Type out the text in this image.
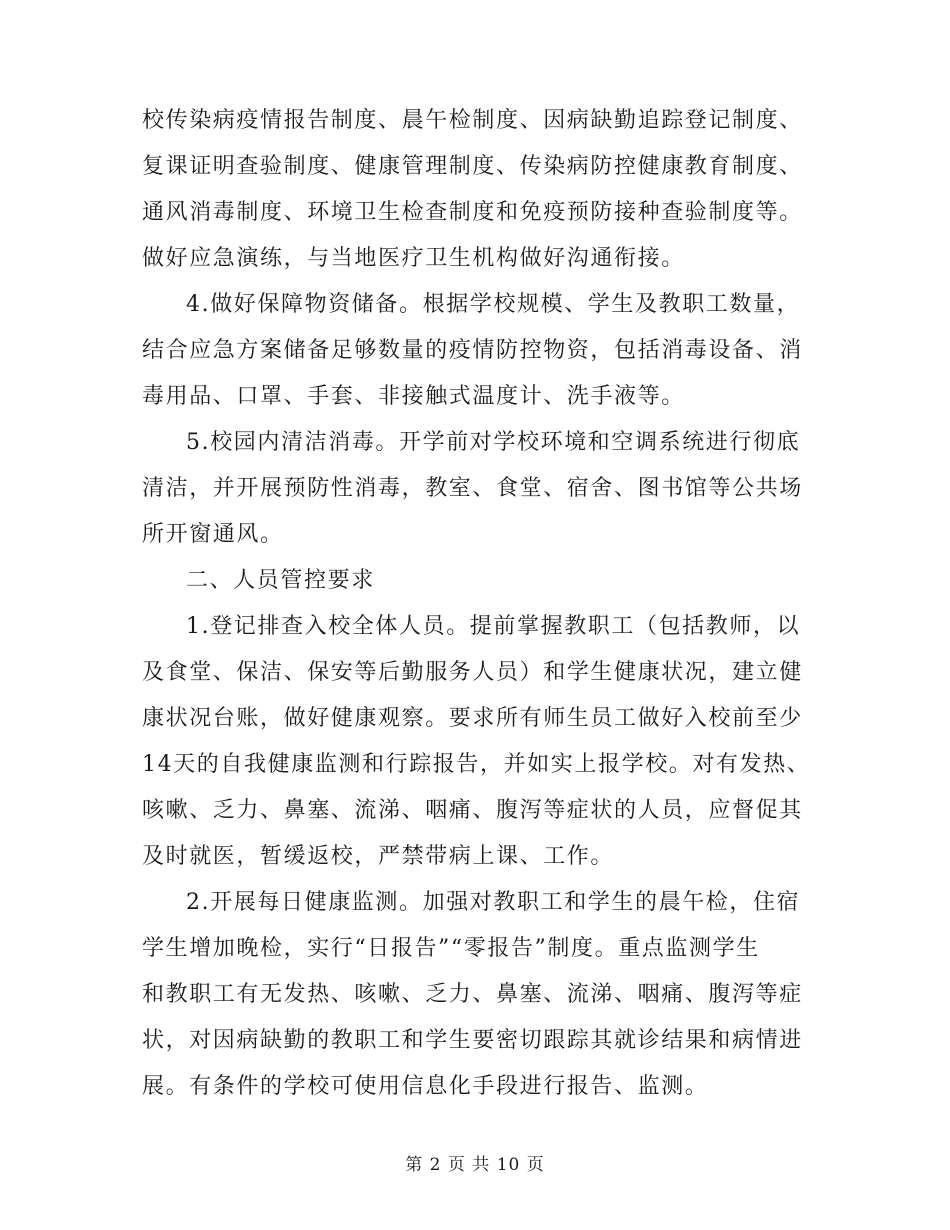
校传染病疫情报告制度、晨午检制度、因病缺勤追踪登记制度、
复课证明查验制度、健康管理制度、传染病防控健康教育制度、
通风消毒制度、环境卫生检查制度和免疫预防接种查验制度等。
做好应急演练，与当地医疗卫生机构做好沟通衔接。
4.做好保障物资储备。根据学校规模、学生及教职工数量，
结合应急方案储备足够数量的疫情防控物资，包括消毒设备、消
毒用品、口罩、手套、非接触式温度计、洗手液等。
5.校园内清洁消毒。开学前对学校环境和空调系统进行彻底
清洁，并开展预防性消毒，教室、食堂、宿舍、图书馆等公共场
所开窗通风。
二、人员管控要求
1.登记排查入校全体人员。提前掌握教职工（包括教师，以
及食堂、保洁、保安等后勤服务人员）和学生健康状况，建立健
康状况台账，做好健康观察。要求所有师生员工做好入校前至少
14天的自我健康监测和行踪报告，并如实上报学校。对有发热、
咳嗽、乏力、鼻塞、流涕、咽痛、腹泻等症状的人员，应督促其
及时就医，暂缓返校，严禁带病上课、工作。
2.开展每日健康监测。加强对教职工和学生的晨午检，住宿
学生增加晚检，实行“日报告”“零报告”制度。重点监测学生
和教职工有无发热、咳嗽、乏力、鼻塞、流涕、咽痛、腹泻等症
状，对因病缺勤的教职工和学生要密切跟踪其就诊结果和病情进
展。有条件的学校可使用信息化手段进行报告、监测。
第 2 页 共 10 页
